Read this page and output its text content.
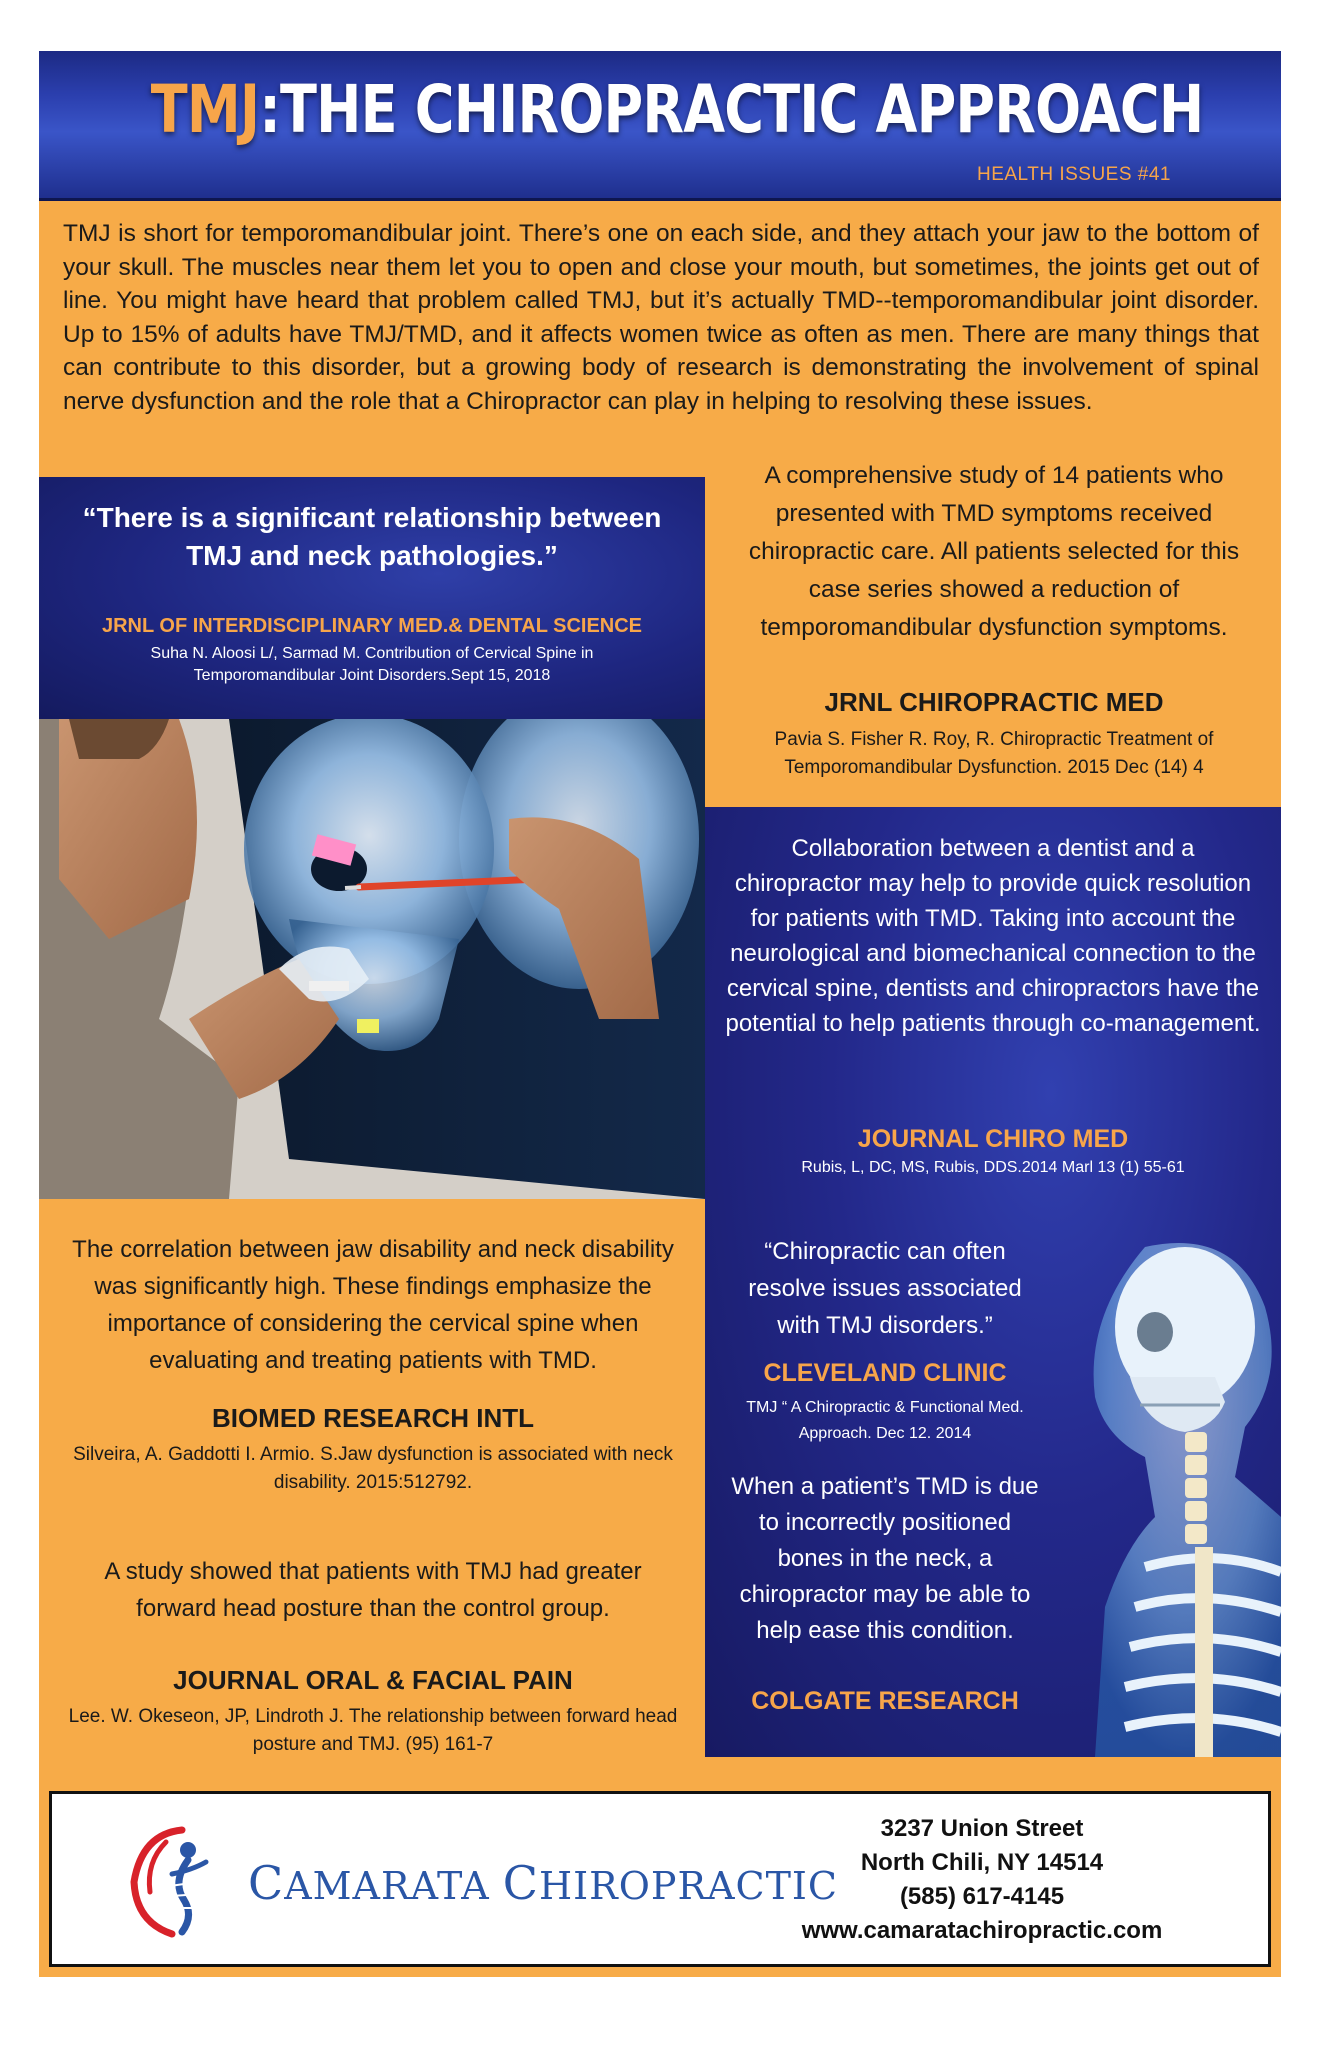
TMJ:THE CHIROPRACTIC APPROACH
HEALTH ISSUES #41

TMJ is short for temporomandibular joint. There’s one on each side, and they attach your jaw to the bottom of your skull. The muscles near them let you to open and close your mouth, but sometimes, the joints get out of line. You might have heard that problem called TMJ, but it’s actually TMD--temporomandibular joint disorder. Up to 15% of adults have TMJ/TMD, and it affects women twice as often as men. There are many things that can contribute to this disorder, but a growing body of research is demonstrating the involvement of spinal nerve dysfunction and the role that a Chiropractor can play in helping to resolving these issues.

“There is a significant relationship between TMJ and neck pathologies.”
JRNL OF INTERDISCIPLINARY MED.& DENTAL SCIENCE
Suha N. Aloosi L/, Sarmad M. Contribution of Cervical Spine in Temporomandibular Joint Disorders.Sept 15, 2018

A comprehensive study of 14 patients who presented with TMD symptoms received chiropractic care. All patients selected for this case series showed a reduction of temporomandibular dysfunction symptoms.

JRNL CHIROPRACTIC MED
Pavia S. Fisher R. Roy, R. Chiropractic Treatment of Temporomandibular Dysfunction. 2015 Dec (14) 4

Collaboration between a dentist and a chiropractor may help to provide quick resolution for patients with TMD. Taking into account the neurological and biomechanical connection to the cervical spine, dentists and chiropractors have the potential to help patients through co-management.

JOURNAL CHIRO MED
Rubis, L, DC, MS, Rubis, DDS.2014 Marl 13 (1) 55-61

“Chiropractic can often resolve issues associated with TMJ disorders.”

CLEVELAND CLINIC
TMJ “ A Chiropractic & Functional Med. Approach. Dec 12. 2014

When a patient’s TMD is due to incorrectly positioned bones in the neck, a chiropractor may be able to help ease this condition.

COLGATE RESEARCH

The correlation between jaw disability and neck disability was significantly high. These findings emphasize the importance of considering the cervical spine when evaluating and treating patients with TMD.

BIOMED RESEARCH INTL
Silveira, A. Gaddotti I. Armio. S.Jaw dysfunction is associated with neck disability. 2015:512792.

A study showed that patients with TMJ had greater forward head posture than the control group.

JOURNAL ORAL & FACIAL PAIN
Lee. W. Okeseon, JP, Lindroth J. The relationship between forward head posture and TMJ. (95) 161-7
CAMARATA CHIROPRACTIC
3237 Union Street
North Chili, NY 14514
(585) 617-4145
www.camaratachiropractic.com
